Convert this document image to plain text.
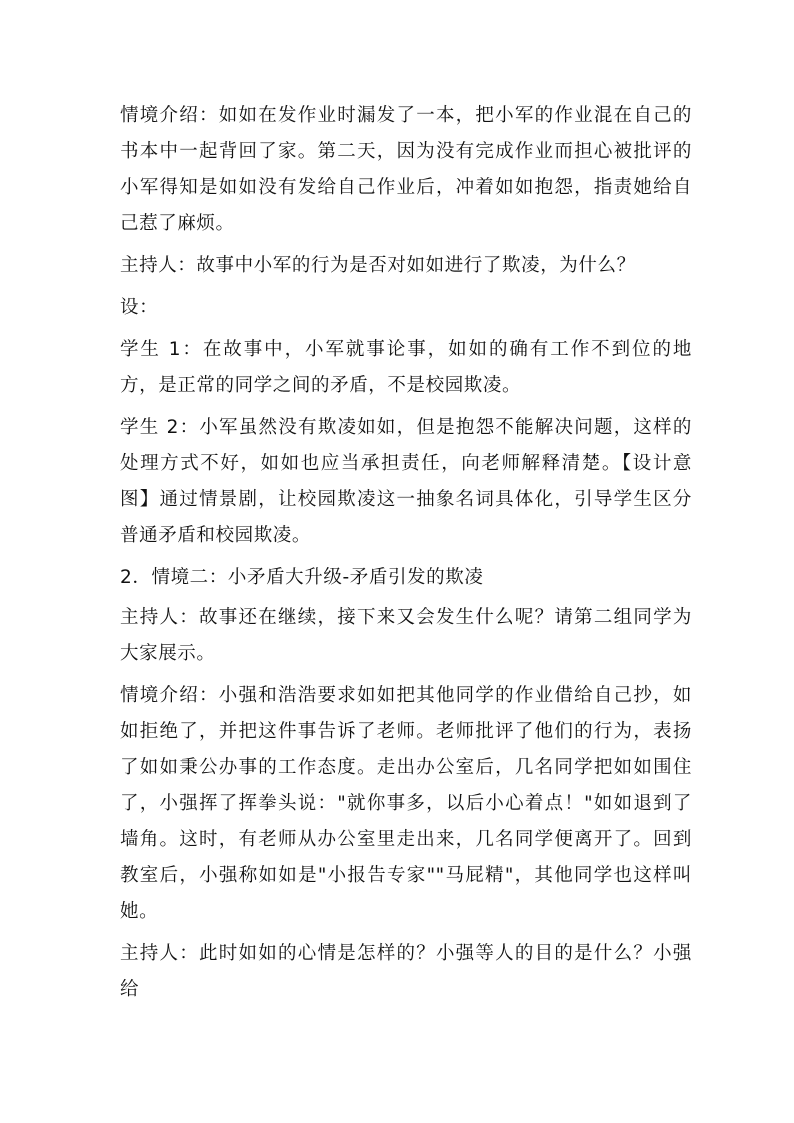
情境介绍：如如在发作业时漏发了一本，把小军的作业混在自己的书本中一起背回了家。第二天，因为没有完成作业而担心被批评的小军得知是如如没有发给自己作业后，冲着如如抱怨，指责她给自己惹了麻烦。

主持人：故事中小军的行为是否对如如进行了欺凌，为什么？

设：

学生 1：在故事中，小军就事论事，如如的确有工作不到位的地方，是正常的同学之间的矛盾，不是校园欺凌。

学生 2：小军虽然没有欺凌如如，但是抱怨不能解决问题，这样的处理方式不好，如如也应当承担责任，向老师解释清楚。【设计意图】通过情景剧，让校园欺凌这一抽象名词具体化，引导学生区分普通矛盾和校园欺凌。

2．情境二：小矛盾大升级-矛盾引发的欺凌

主持人：故事还在继续，接下来又会发生什么呢？请第二组同学为大家展示。

情境介绍：小强和浩浩要求如如把其他同学的作业借给自己抄，如如拒绝了，并把这件事告诉了老师。老师批评了他们的行为，表扬了如如秉公办事的工作态度。走出办公室后，几名同学把如如围住了，小强挥了挥拳头说："就你事多，以后小心着点！"如如退到了墙角。这时，有老师从办公室里走出来，几名同学便离开了。回到教室后，小强称如如是"小报告专家""马屁精"，其他同学也这样叫她。

主持人：此时如如的心情是怎样的？小强等人的目的是什么？小强给
